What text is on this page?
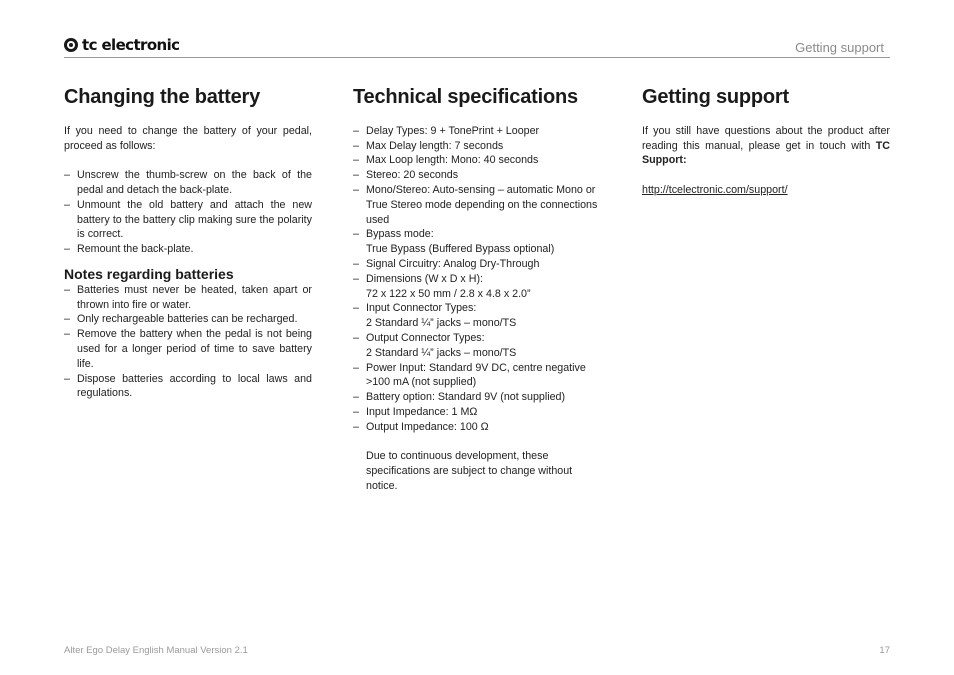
tc electronic	Getting support
Changing the battery

If you need to change the battery of your pedal, proceed as follows:

– Unscrew the thumb-screw on the back of the pedal and detach the back-plate.
– Unmount the old battery and attach the new battery to the battery clip making sure the polarity is correct.
– Remount the back-plate.
Notes regarding batteries
– Batteries must never be heated, taken apart or thrown into fire or water.
– Only rechargeable batteries can be recharged.
– Remove the battery when the pedal is not being used for a longer period of time to save battery life.
– Dispose batteries according to local laws and regulations.
Technical specifications
– Delay Types: 9 + TonePrint + Looper
– Max Delay length: 7 seconds
– Max Loop length: Mono: 40 seconds
– Stereo: 20 seconds
– Mono/Stereo: Auto-sensing – automatic Mono or True Stereo mode depending on the connections used
– Bypass mode:
True Bypass (Buffered Bypass optional)
– Signal Circuitry: Analog Dry-Through
– Dimensions (W x D x H):
72 x 122 x 50 mm / 2.8 x 4.8 x 2.0”
– Input Connector Types:
2 Standard ¼” jacks – mono/TS
– Output Connector Types:
2 Standard ¼” jacks – mono/TS
– Power Input: Standard 9V DC, centre negative >100 mA (not supplied)
– Battery option: Standard 9V (not supplied)
– Input Impedance: 1 MΩ
– Output Impedance: 100 Ω

Due to continuous development, these specifications are subject to change without notice.

Getting support

If you still have questions about the product after reading this manual, please get in touch with TC Support:

http://tcelectronic.com/support/

Alter Ego Delay English Manual Version 2.1	17
